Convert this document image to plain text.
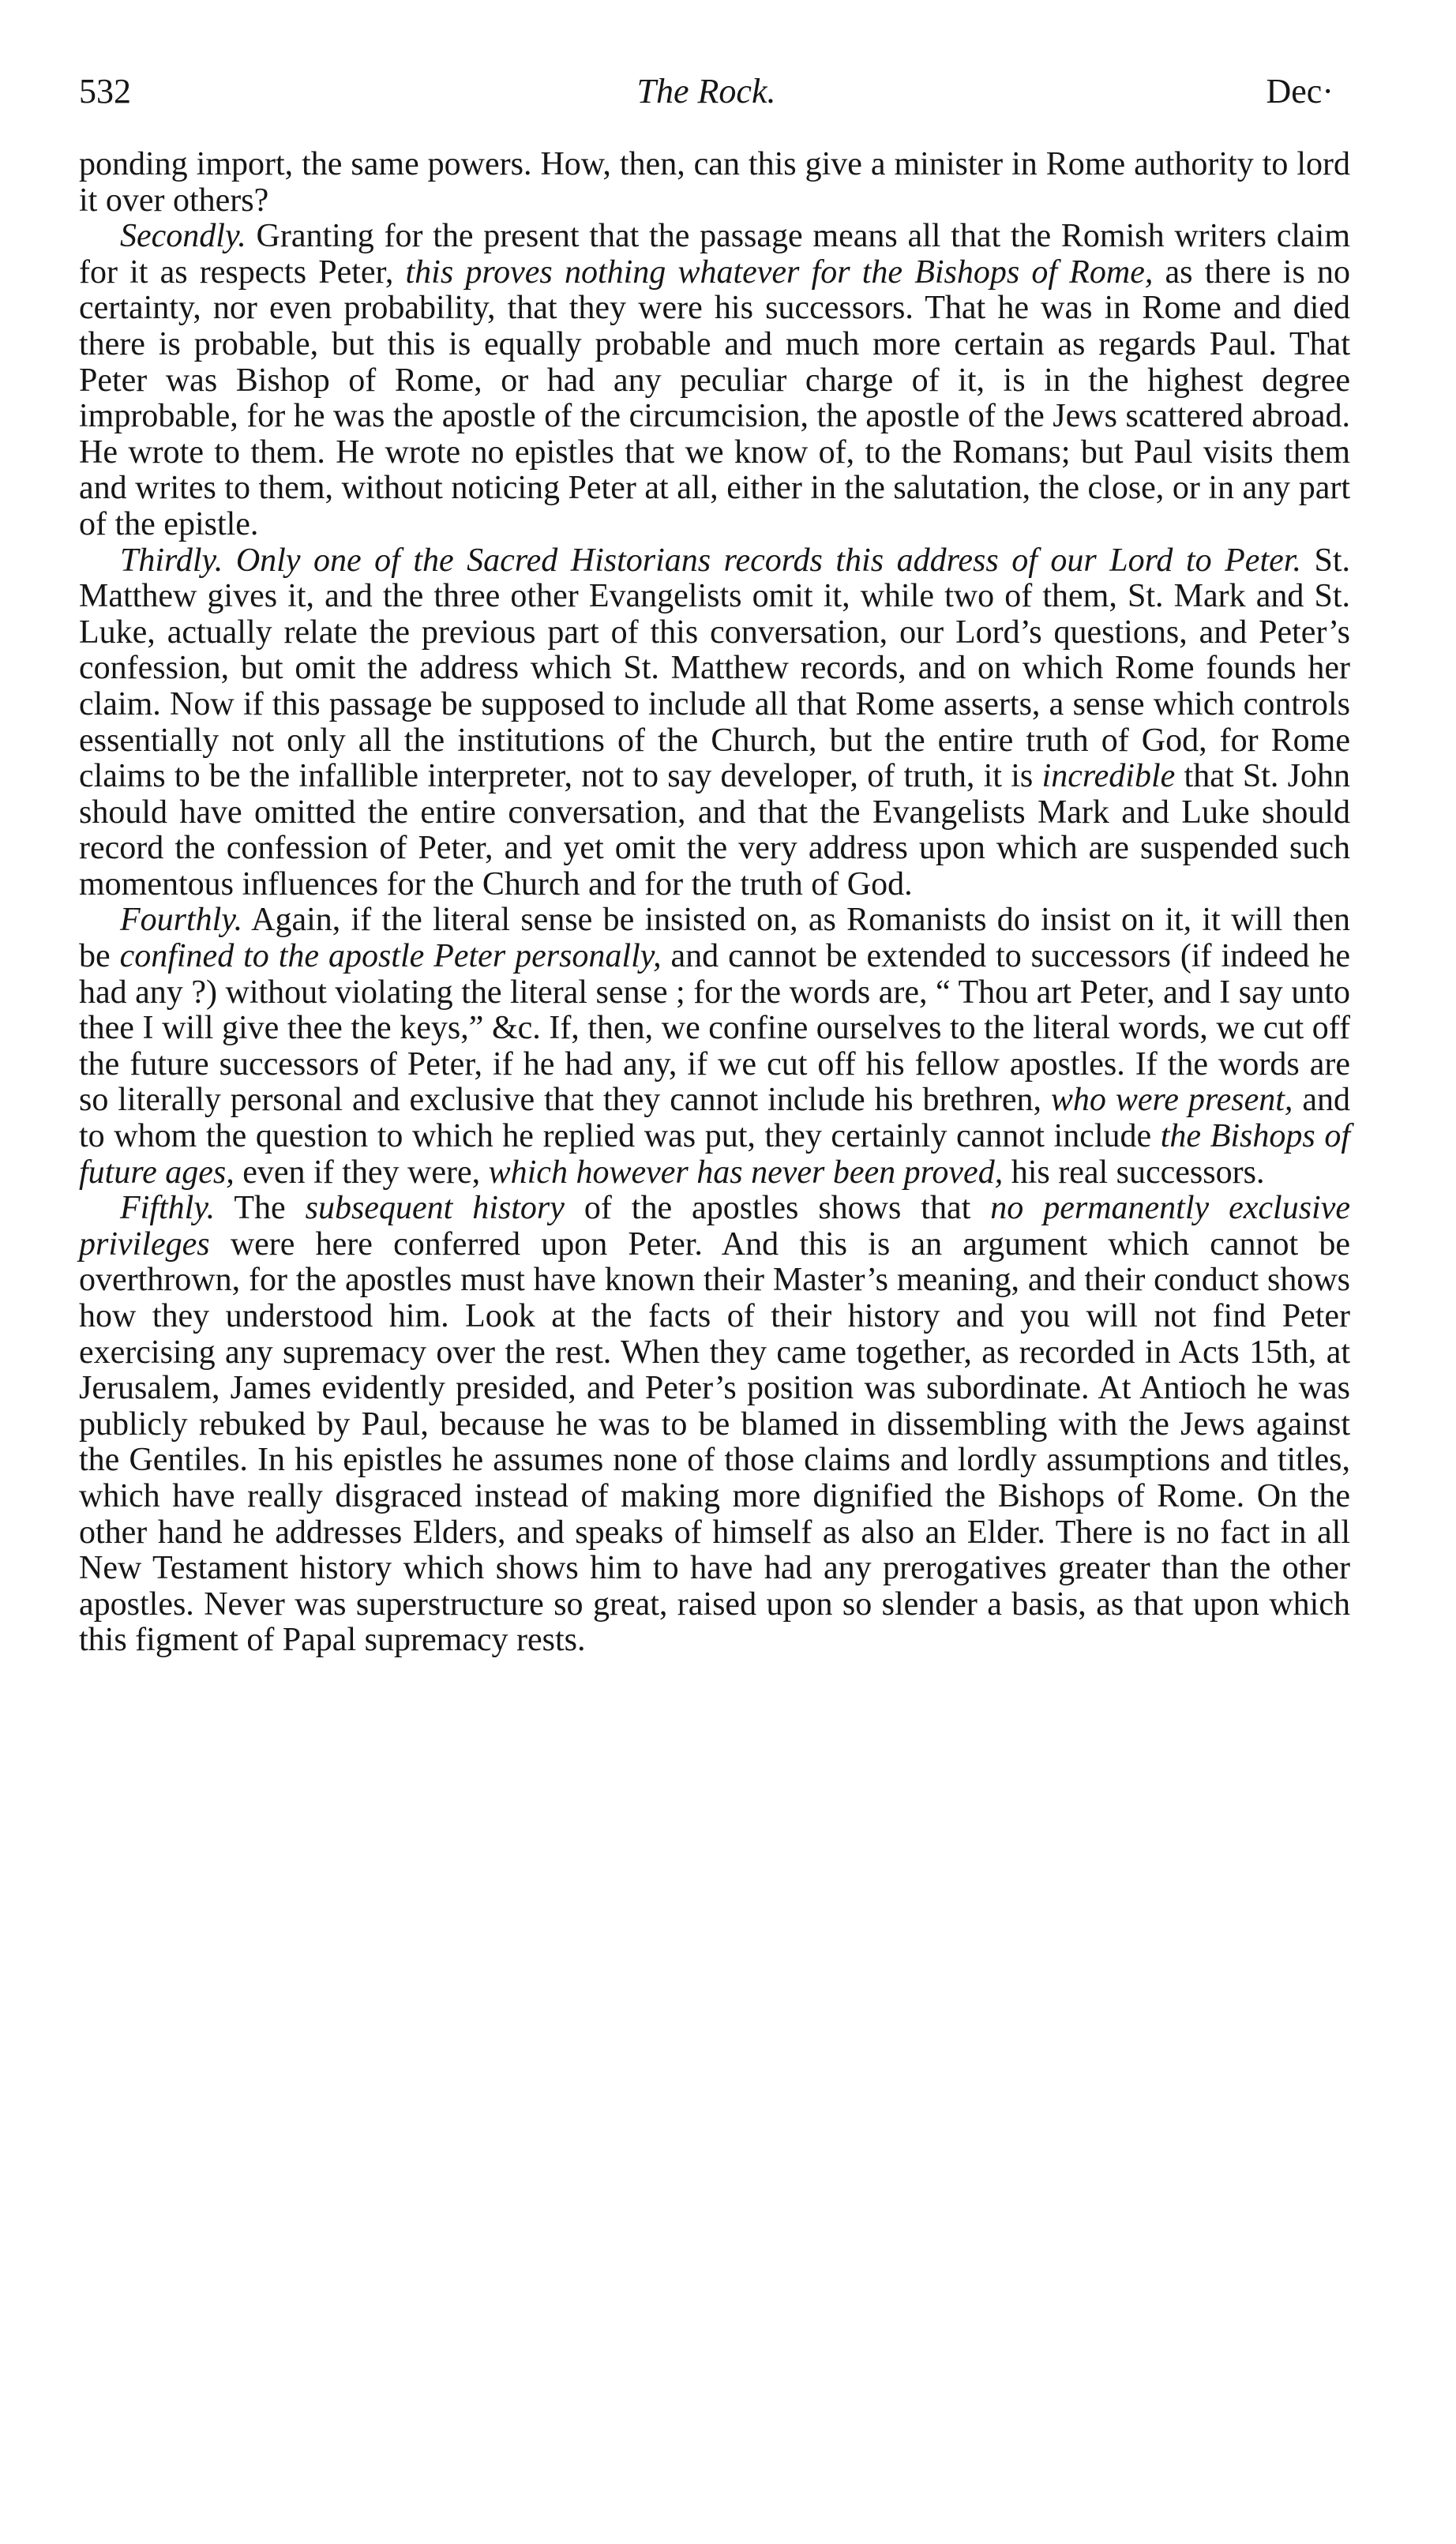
532	The Rock.	Dec·

ponding import, the same powers. How, then, can this give a minister in Rome authority to lord it over others?

Secondly. Granting for the present that the passage means all that the Romish writers claim for it as respects Peter, this proves nothing whatever for the Bishops of Rome, as there is no certainty, nor even probability, that they were his successors. That he was in Rome and died there is probable, but this is equally probable and much more certain as regards Paul. That Peter was Bishop of Rome, or had any peculiar charge of it, is in the highest degree improbable, for he was the apostle of the circumcision, the apostle of the Jews scattered abroad. He wrote to them. He wrote no epistles that we know of, to the Romans; but Paul visits them and writes to them, without noticing Peter at all, either in the salutation, the close, or in any part of the epistle.

Thirdly. Only one of the Sacred Historians records this address of our Lord to Peter. St. Matthew gives it, and the three other Evangelists omit it, while two of them, St. Mark and St. Luke, actually relate the previous part of this conversation, our Lord’s questions, and Peter’s confession, but omit the address which St. Matthew records, and on which Rome founds her claim. Now if this passage be supposed to include all that Rome asserts, a sense which controls essentially not only all the institutions of the Church, but the entire truth of God, for Rome claims to be the infallible interpreter, not to say developer, of truth, it is incredible that St. John should have omitted the entire conversation, and that the Evangelists Mark and Luke should record the confession of Peter, and yet omit the very address upon which are suspended such momentous influences for the Church and for the truth of God.

Fourthly. Again, if the literal sense be insisted on, as Romanists do insist on it, it will then be confined to the apostle Peter personally, and cannot be extended to successors (if indeed he had any ?) without violating the literal sense ; for the words are, “ Thou art Peter, and I say unto thee I will give thee the keys,” &c. If, then, we confine ourselves to the literal words, we cut off the future successors of Peter, if he had any, if we cut off his fellow apostles. If the words are so literally personal and exclusive that they cannot include his brethren, who were present, and to whom the question to which he replied was put, they certainly cannot include the Bishops of future ages, even if they were, which however has never been proved, his real successors.

Fifthly. The subsequent history of the apostles shows that no permanently exclusive privileges were here conferred upon Peter. And this is an argument which cannot be overthrown, for the apostles must have known their Master’s meaning, and their conduct shows how they understood him. Look at the facts of their history and you will not find Peter exercising any supremacy over the rest. When they came together, as recorded in Acts 15th, at Jerusalem, James evidently presided, and Peter’s position was subordinate. At Antioch he was publicly rebuked by Paul, because he was to be blamed in dissembling with the Jews against the Gentiles. In his epistles he assumes none of those claims and lordly assumptions and titles, which have really disgraced instead of making more dignified the Bishops of Rome. On the other hand he addresses Elders, and speaks of himself as also an Elder. There is no fact in all New Testament history which shows him to have had any prerogatives greater than the other apostles. Never was superstructure so great, raised upon so slender a basis, as that upon which this figment of Papal supremacy rests.
